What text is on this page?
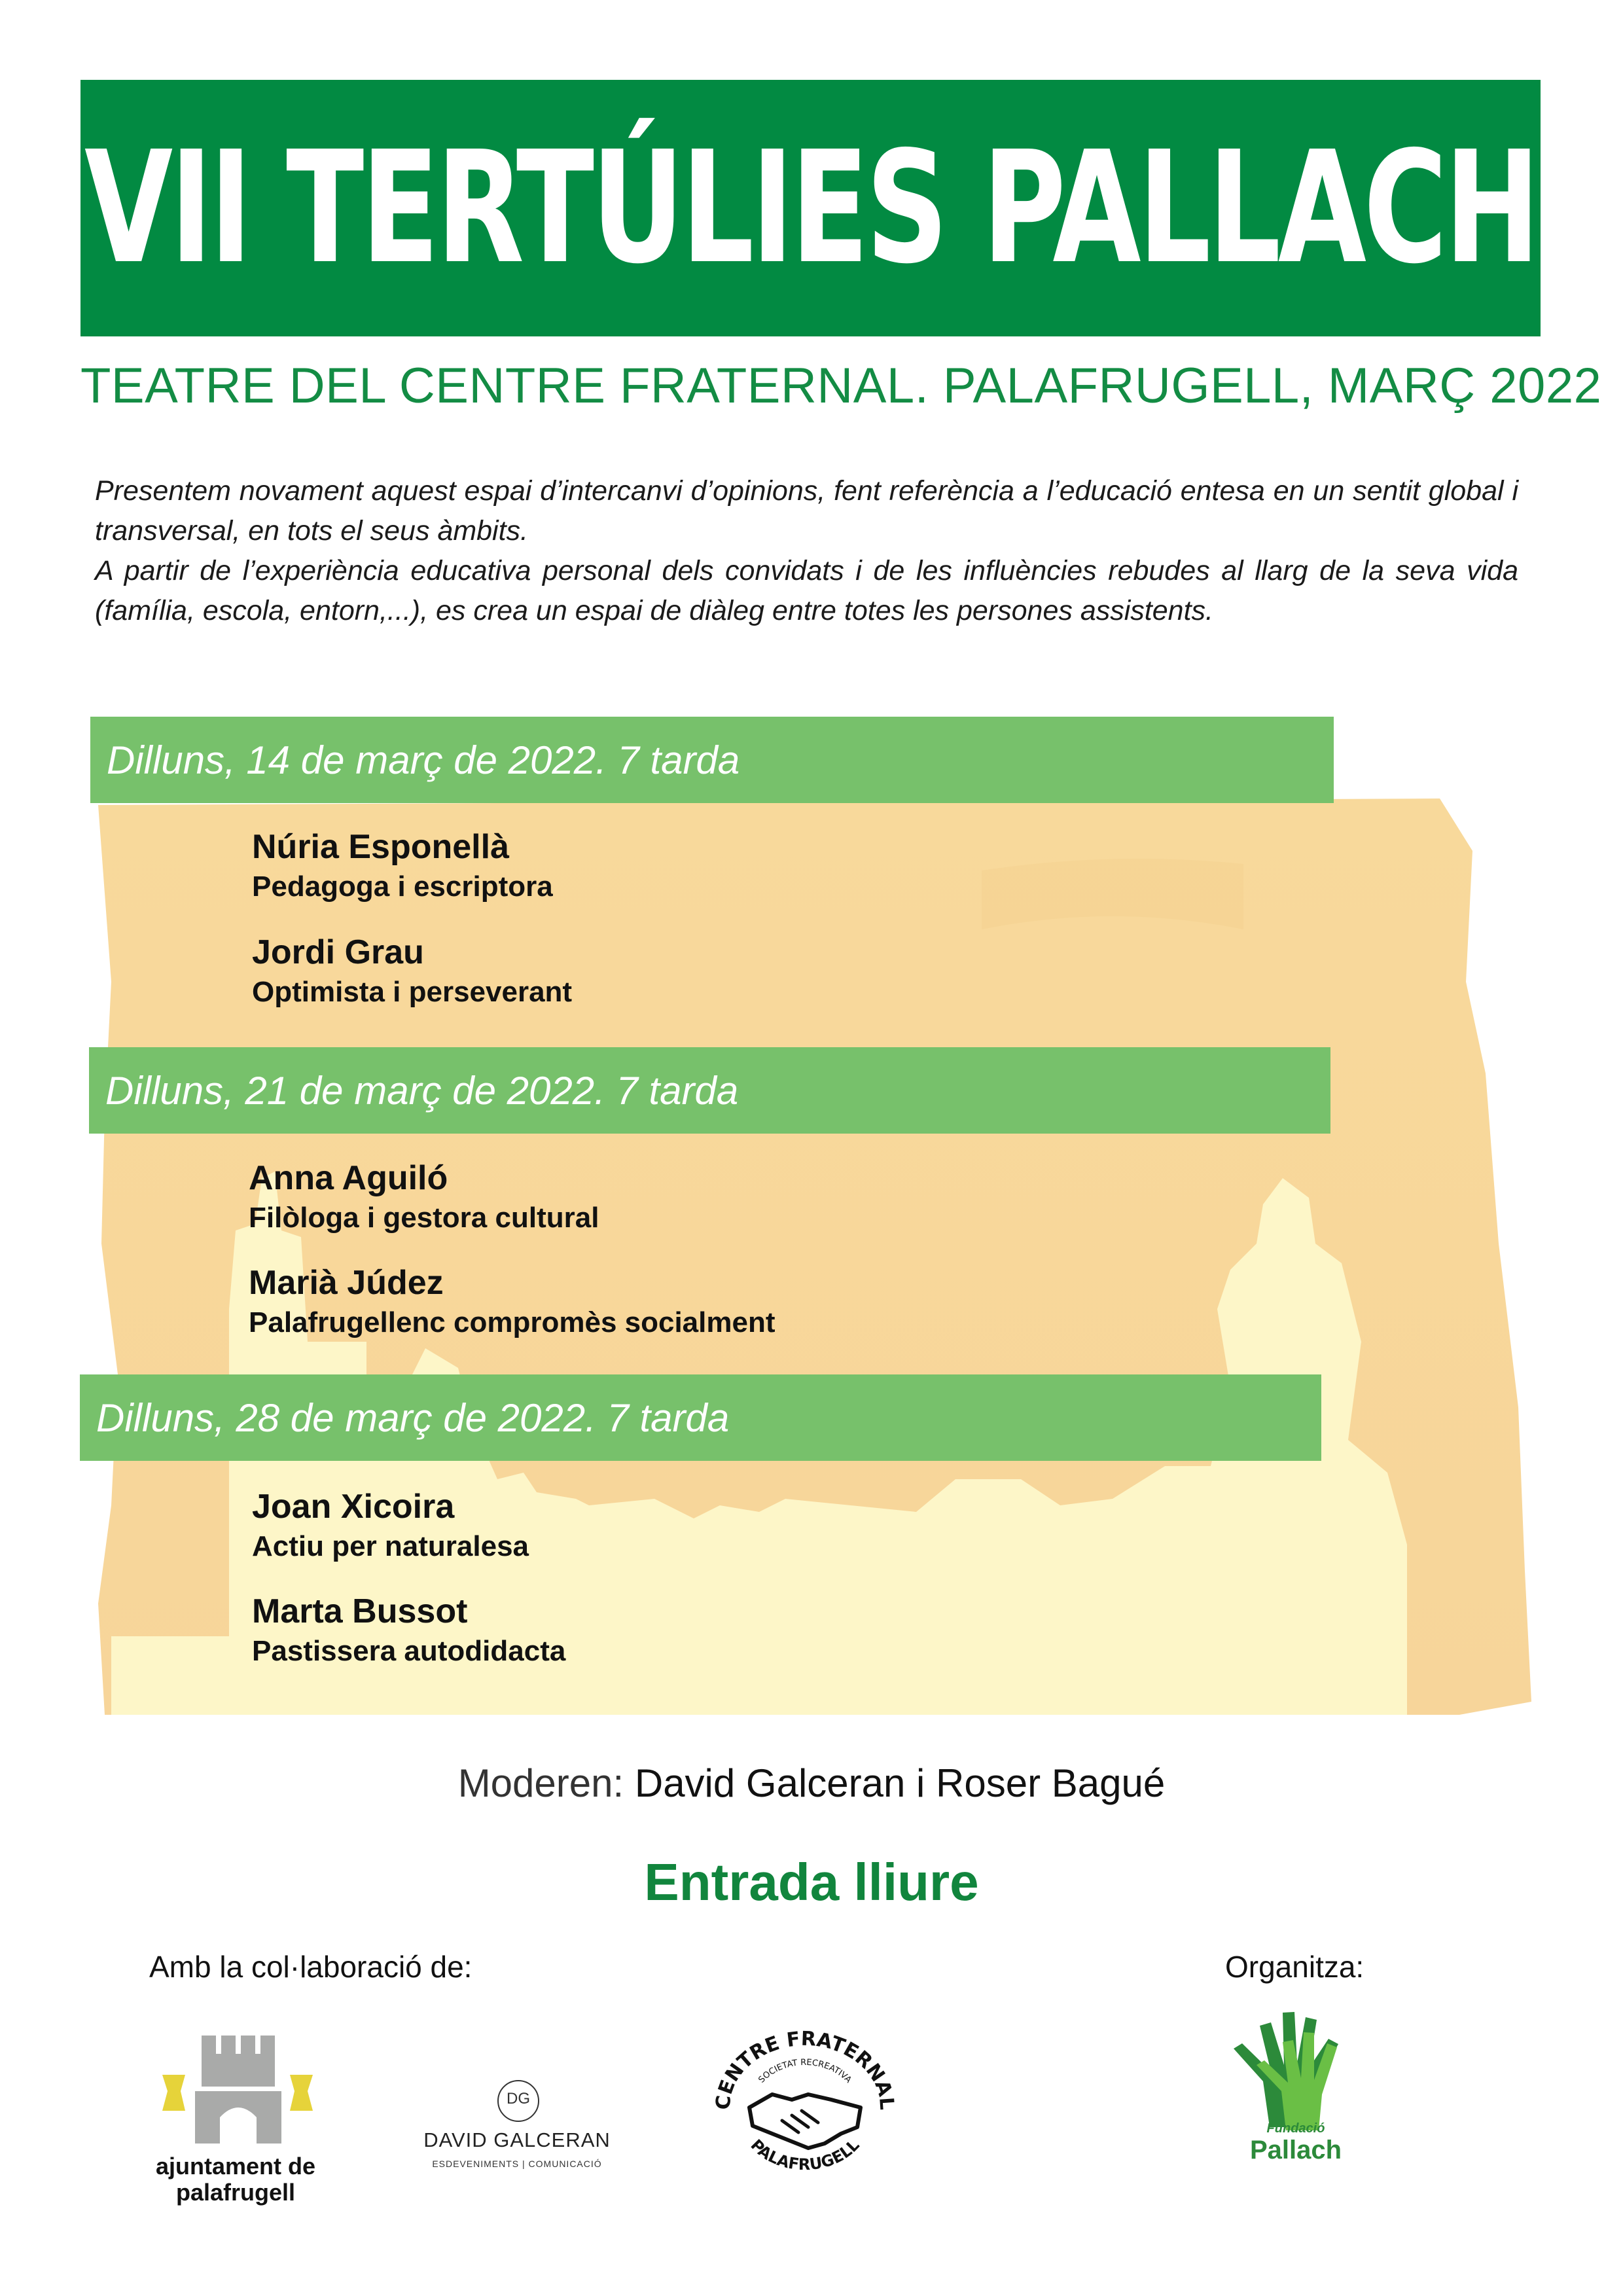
VII TERTÚLIES PALLACH
TEATRE DEL CENTRE FRATERNAL. PALAFRUGELL, MARÇ 2022

Presentem novament aquest espai d’intercanvi d’opinions, fent referència a l’educació entesa en un sentit global i transversal, en tots el seus àmbits.

A partir de l’experiència educativa personal dels convidats i de les influències rebudes al llarg de la seva vida (família, escola, entorn,...), es crea un espai de diàleg entre totes les persones assistents.

Dilluns, 14 de març de 2022. 7 tarda
Núria Esponellà
Pedagoga i escriptora
Jordi Grau
Optimista i perseverant
Dilluns, 21 de març de 2022. 7 tarda
Anna Aguiló
Filòloga i gestora cultural
Marià Júdez
Palafrugellenc compromès socialment
Dilluns, 28 de març de 2022. 7 tarda
Joan Xicoira
Actiu per naturalesa
Marta Bussot
Pastissera autodidacta
Moderen: David Galceran i Roser Bagué
Entrada lliure
Amb la col·laboració de:	Organitza:
ajuntament de
palafrugell
DG
DAVID GALCERAN
ESDEVENIMENTS | COMUNICACIÓ
CENTRE FRATERNAL
SOCIETAT RECREATIVA
PALAFRUGELL
Fundació
Pallach
